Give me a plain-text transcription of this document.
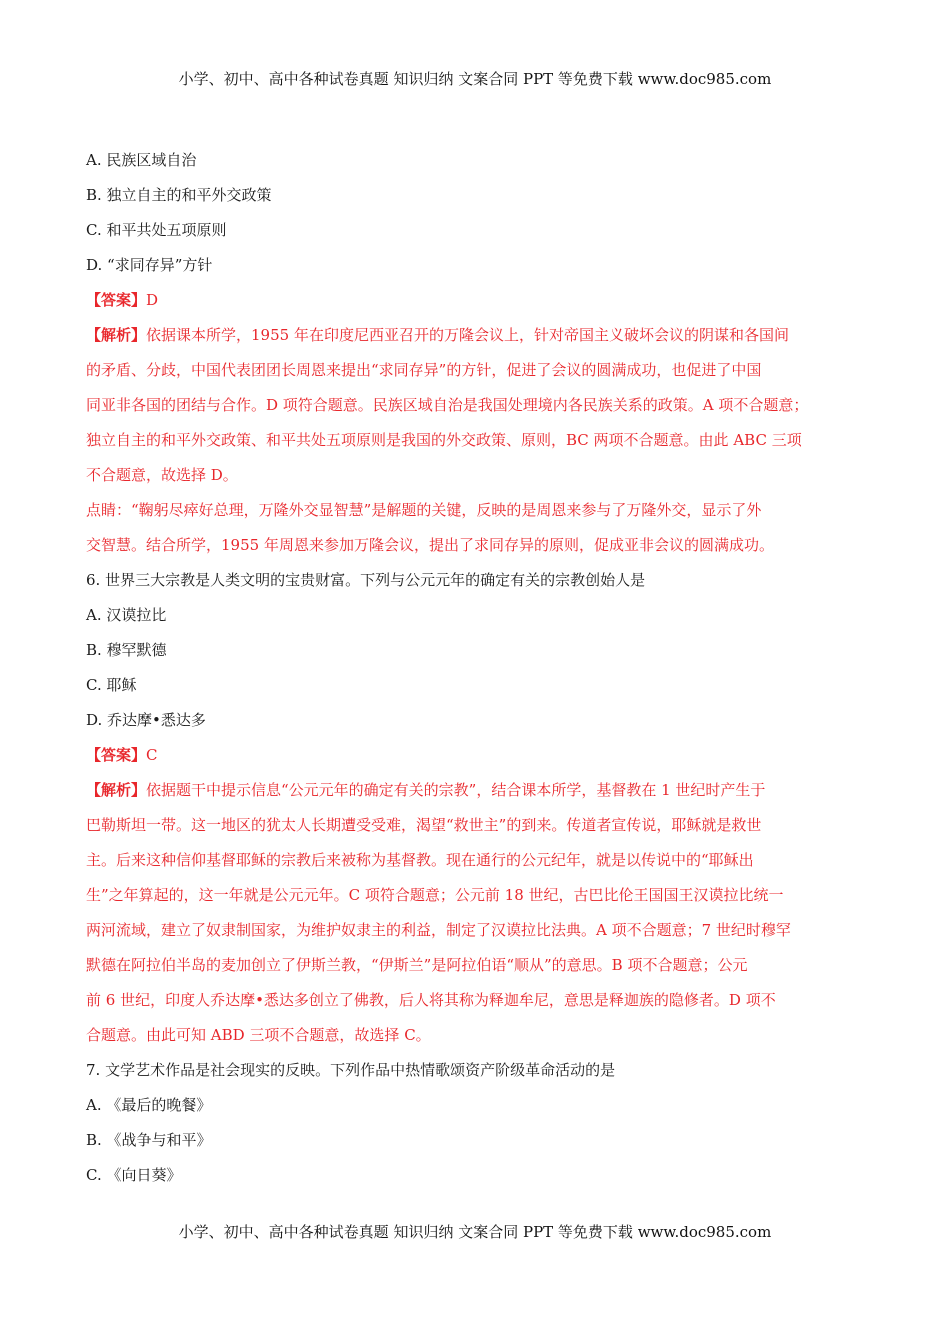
小学、初中、高中各种试卷真题 知识归纳 文案合同 PPT 等免费下载 www.doc985.com
A. 民族区域自治
B. 独立自主的和平外交政策
C. 和平共处五项原则
D. “求同存异”方针
【答案】D

【解析】依据课本所学，1955 年在印度尼西亚召开的万隆会议上，针对帝国主义破坏会议的阴谋和各国间

的矛盾、分歧，中国代表团团长周恩来提出“求同存异”的方针，促进了会议的圆满成功，也促进了中国

同亚非各国的团结与合作。D 项符合题意。民族区域自治是我国处理境内各民族关系的政策。A 项不合题意；

独立自主的和平外交政策、和平共处五项原则是我国的外交政策、原则，BC 两项不合题意。由此 ABC 三项

不合题意，故选择 D。

点睛：“鞠躬尽瘁好总理，万隆外交显智慧”是解题的关键，反映的是周恩来参与了万隆外交，显示了外

交智慧。结合所学，1955 年周恩来参加万隆会议，提出了求同存异的原则，促成亚非会议的圆满成功。

6. 世界三大宗教是人类文明的宝贵财富。下列与公元元年的确定有关的宗教创始人是
A. 汉谟拉比
B. 穆罕默德
C. 耶稣
D. 乔达摩•悉达多
【答案】C

【解析】依据题干中提示信息“公元元年的确定有关的宗教”，结合课本所学，基督教在 1 世纪时产生于

巴勒斯坦一带。这一地区的犹太人长期遭受受难，渴望“救世主”的到来。传道者宣传说，耶稣就是救世

主。后来这种信仰基督耶稣的宗教后来被称为基督教。现在通行的公元纪年，就是以传说中的“耶稣出

生”之年算起的，这一年就是公元元年。C 项符合题意；公元前 18 世纪，古巴比伦王国国王汉谟拉比统一

两河流域，建立了奴隶制国家，为维护奴隶主的利益，制定了汉谟拉比法典。A 项不合题意；7 世纪时穆罕

默德在阿拉伯半岛的麦加创立了伊斯兰教，“伊斯兰”是阿拉伯语“顺从”的意思。B 项不合题意；公元

前 6 世纪，印度人乔达摩•悉达多创立了佛教，后人将其称为释迦牟尼，意思是释迦族的隐修者。D 项不

合题意。由此可知 ABD 三项不合题意，故选择 C。

7. 文学艺术作品是社会现实的反映。下列作品中热情歌颂资产阶级革命活动的是
A. 《最后的晚餐》
B. 《战争与和平》
C. 《向日葵》
小学、初中、高中各种试卷真题 知识归纳 文案合同 PPT 等免费下载 www.doc985.com
